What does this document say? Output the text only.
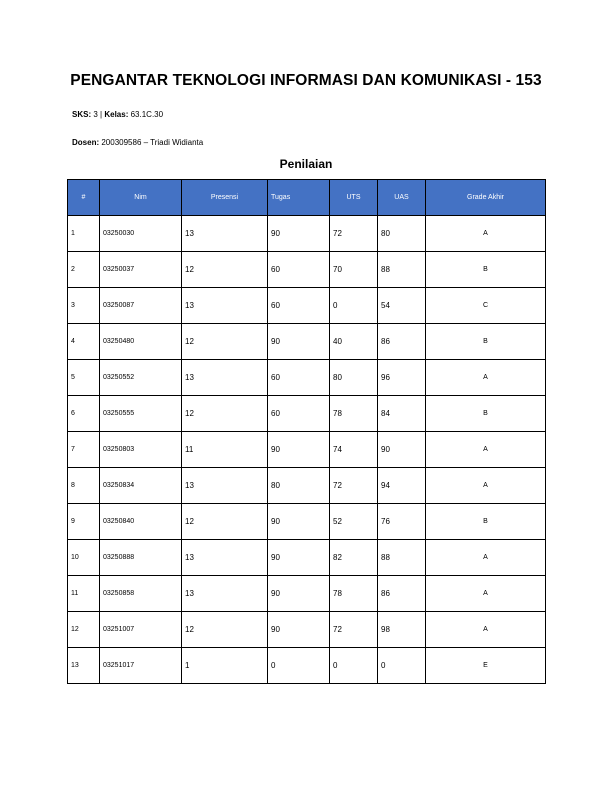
PENGANTAR TEKNOLOGI INFORMASI DAN KOMUNIKASI - 153
SKS: 3 | Kelas: 63.1C.30
Dosen: 200309586 – Triadi Widianta
Penilaian
#	Nim	Presensi	Tugas	UTS	UAS	Grade Akhir
1	03250030	13	90	72	80	A
2	03250037	12	60	70	88	B
3	03250087	13	60	0	54	C
4	03250480	12	90	40	86	B
5	03250552	13	60	80	96	A
6	03250555	12	60	78	84	B
7	03250803	11	90	74	90	A
8	03250834	13	80	72	94	A
9	03250840	12	90	52	76	B
10	03250888	13	90	82	88	A
11	03250858	13	90	78	86	A
12	03251007	12	90	72	98	A
13	03251017	1	0	0	0	E
